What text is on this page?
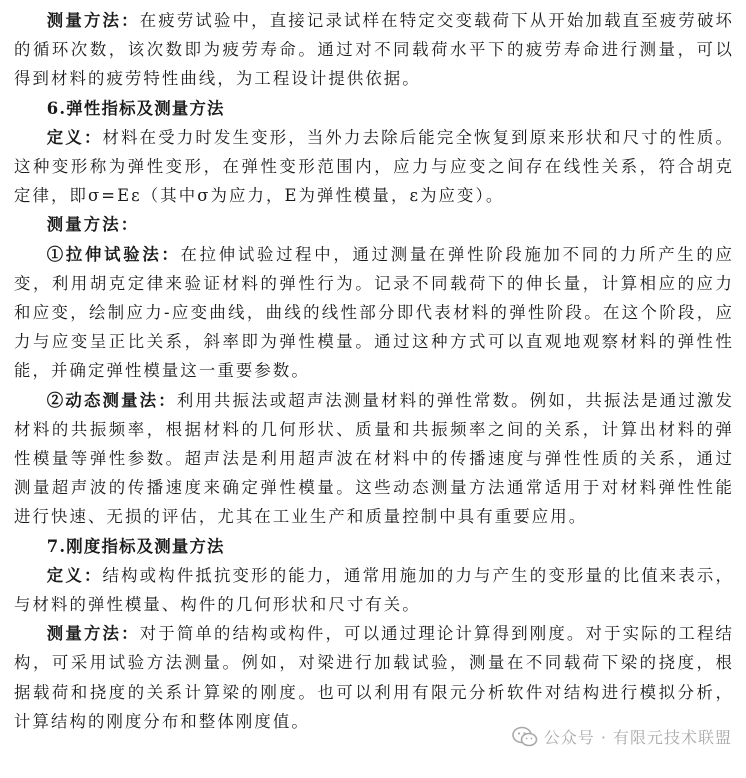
测量方法：在疲劳试验中，直接记录试样在特定交变载荷下从开始加载直至疲劳破坏的循环次数，该次数即为疲劳寿命。通过对不同载荷水平下的疲劳寿命进行测量，可以得到材料的疲劳特性曲线，为工程设计提供依据。

6.弹性指标及测量方法

定义：材料在受力时发生变形，当外力去除后能完全恢复到原来形状和尺寸的性质。这种变形称为弹性变形，在弹性变形范围内，应力与应变之间存在线性关系，符合胡克定律，即σ=Eε（其中σ为应力，E为弹性模量，ε为应变）。

测量方法：

①拉伸试验法：在拉伸试验过程中，通过测量在弹性阶段施加不同的力所产生的应变，利用胡克定律来验证材料的弹性行为。记录不同载荷下的伸长量，计算相应的应力和应变，绘制应力-应变曲线，曲线的线性部分即代表材料的弹性阶段。在这个阶段，应力与应变呈正比关系，斜率即为弹性模量。通过这种方式可以直观地观察材料的弹性性能，并确定弹性模量这一重要参数。

②动态测量法：利用共振法或超声法测量材料的弹性常数。例如，共振法是通过激发材料的共振频率，根据材料的几何形状、质量和共振频率之间的关系，计算出材料的弹性模量等弹性参数。超声法是利用超声波在材料中的传播速度与弹性性质的关系，通过测量超声波的传播速度来确定弹性模量。这些动态测量方法通常适用于对材料弹性性能进行快速、无损的评估，尤其在工业生产和质量控制中具有重要应用。

7.刚度指标及测量方法

定义：结构或构件抵抗变形的能力，通常用施加的力与产生的变形量的比值来表示，与材料的弹性模量、构件的几何形状和尺寸有关。

测量方法：对于简单的结构或构件，可以通过理论计算得到刚度。对于实际的工程结构，可采用试验方法测量。例如，对梁进行加载试验，测量在不同载荷下梁的挠度，根据载荷和挠度的关系计算梁的刚度。也可以利用有限元分析软件对结构进行模拟分析，计算结构的刚度分布和整体刚度值。

公众号 · 有限元技术联盟
